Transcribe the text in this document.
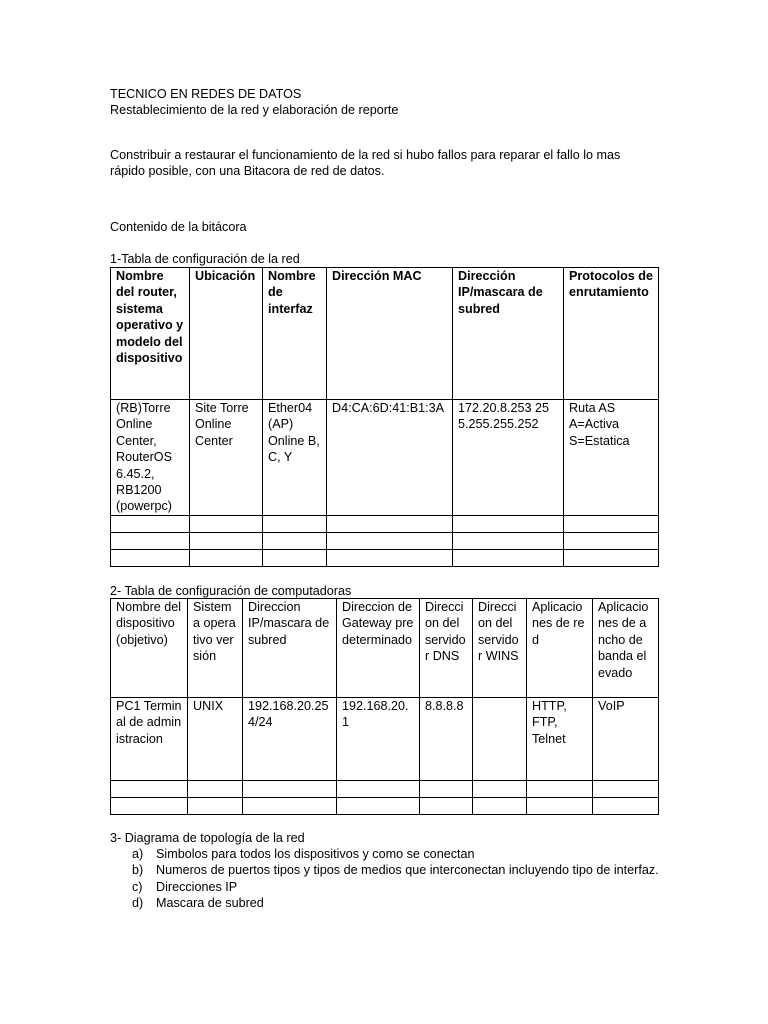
TECNICO EN REDES DE DATOS
Restablecimiento de la red y elaboración de reporte
Constribuir a restaurar el funcionamiento de la red si hubo fallos para reparar el fallo lo mas
rápido posible, con una Bitacora de red de datos.
Contenido de la bitácora
1-Tabla de configuración de la red
Nombre del router, sistema operativo y modelo del dispositivo	Ubicación	Nombre de interfaz	Dirección MAC	Dirección IP/mascara de subred	Protocolos de enrutamiento
(RB)Torre Online Center, RouterOS 6.45.2, RB1200 (powerpc)	Site Torre Online Center	Ether04 (AP) Online B, C, Y	D4:CA:6D:41:B1:3A	172.20.8.253 255.255.255.252	Ruta AS A=Activa S=Estatica

2- Tabla de configuración de computadoras
Nombre del dispositivo (objetivo)	Sistema operativo versión	Direccion IP/mascara de subred	Direccion de Gateway predeterminado	Direccion del servidor DNS	Direccion del servidor WINS	Aplicaciones de red	Aplicaciones de ancho de banda elevado
PC1 Terminal de administracion	UNIX	192.168.20.254/24	192.168.20.1	8.8.8.8		HTTP, FTP, Telnet	VoIP

3- Diagrama de topología de la red
a) Simbolos para todos los dispositivos y como se conectan
b) Numeros de puertos tipos y tipos de medios que interconectan incluyendo tipo de interfaz.
c) Direcciones IP
d) Mascara de subred
